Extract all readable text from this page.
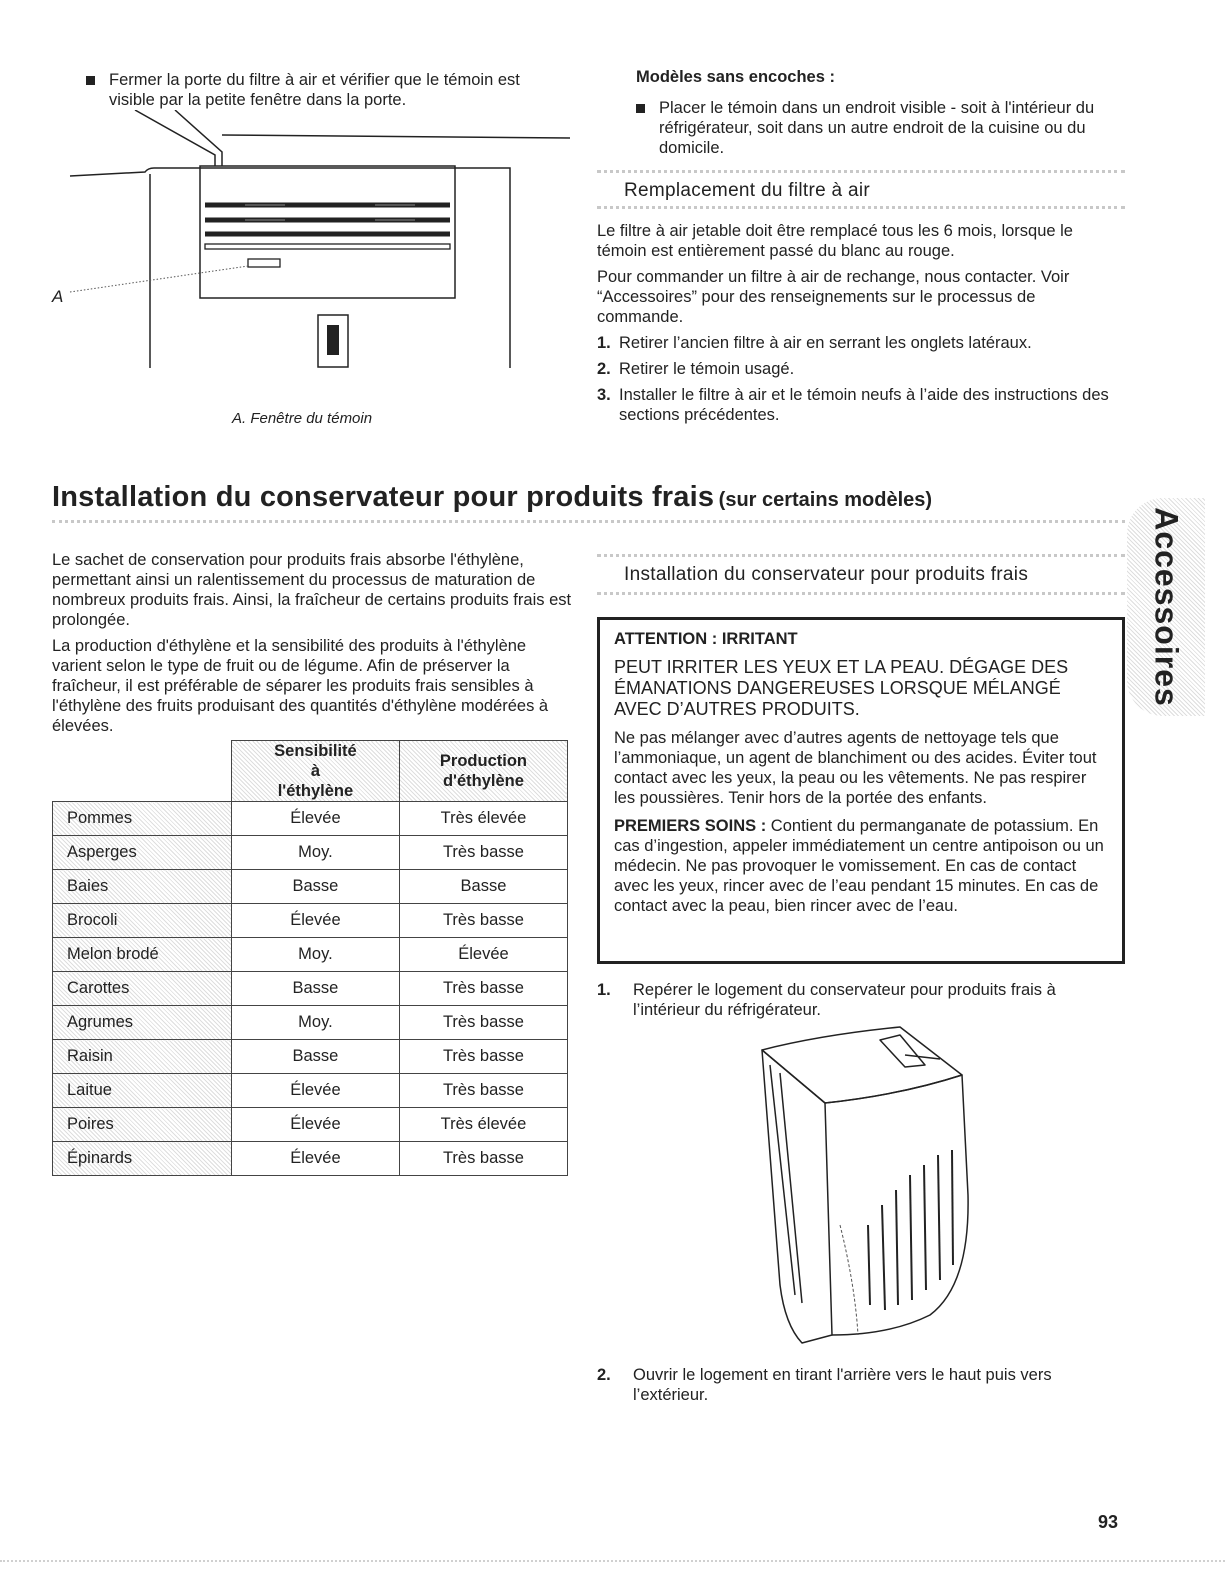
Fermer la porte du filtre à air et vérifier que le témoin est visible par la petite fenêtre dans la porte.

A

A. Fenêtre du témoin

Modèles sans encoches :

Placer le témoin dans un endroit visible - soit à l'intérieur du réfrigérateur, soit dans un autre endroit de la cuisine ou du domicile.

Remplacement du filtre à air

Le filtre à air jetable doit être remplacé tous les 6 mois, lorsque le témoin est entièrement passé du blanc au rouge.

Pour commander un filtre à air de rechange, nous contacter. Voir “Accessoires” pour des renseignements sur le processus de commande.

1. Retirer l’ancien filtre à air en serrant les onglets latéraux.
2. Retirer le témoin usagé.
3. Installer le filtre à air et le témoin neufs à l’aide des instructions des sections précédentes.
Installation du conservateur pour produits frais (sur certains modèles)
Accessoires

Le sachet de conservation pour produits frais absorbe l'éthylène, permettant ainsi un ralentissement du processus de maturation de nombreux produits frais. Ainsi, la fraîcheur de certains produits frais est prolongée.

La production d'éthylène et la sensibilité des produits à l'éthylène varient selon le type de fruit ou de légume. Afin de préserver la fraîcheur, il est préférable de séparer les produits frais sensibles à l'éthylène des fruits produisant des quantités d'éthylène modérées à élevées.

	Sensibilité à l'éthylène	Production d'éthylène
Pommes	Élevée	Très élevée
Asperges	Moy.	Très basse
Baies	Basse	Basse
Brocoli	Élevée	Très basse
Melon brodé	Moy.	Élevée
Carottes	Basse	Très basse
Agrumes	Moy.	Très basse
Raisin	Basse	Très basse
Laitue	Élevée	Très basse
Poires	Élevée	Très élevée
Épinards	Élevée	Très basse

Installation du conservateur pour produits frais

ATTENTION : IRRITANT

PEUT IRRITER LES YEUX ET LA PEAU. DÉGAGE DES ÉMANATIONS DANGEREUSES LORSQUE MÉLANGÉ AVEC D’AUTRES PRODUITS.

Ne pas mélanger avec d’autres agents de nettoyage tels que l’ammoniaque, un agent de blanchiment ou des acides. Éviter tout contact avec les yeux, la peau ou les vêtements. Ne pas respirer les poussières. Tenir hors de la portée des enfants.

PREMIERS SOINS : Contient du permanganate de potassium. En cas d’ingestion, appeler immédiatement un centre antipoison ou un médecin. Ne pas provoquer le vomissement. En cas de contact avec les yeux, rincer avec de l’eau pendant 15 minutes. En cas de contact avec la peau, bien rincer avec de l’eau.

1.	Repérer le logement du conservateur pour produits frais à l’intérieur du réfrigérateur.
2.	Ouvrir le logement en tirant l'arrière vers le haut puis vers l’extérieur.

93
